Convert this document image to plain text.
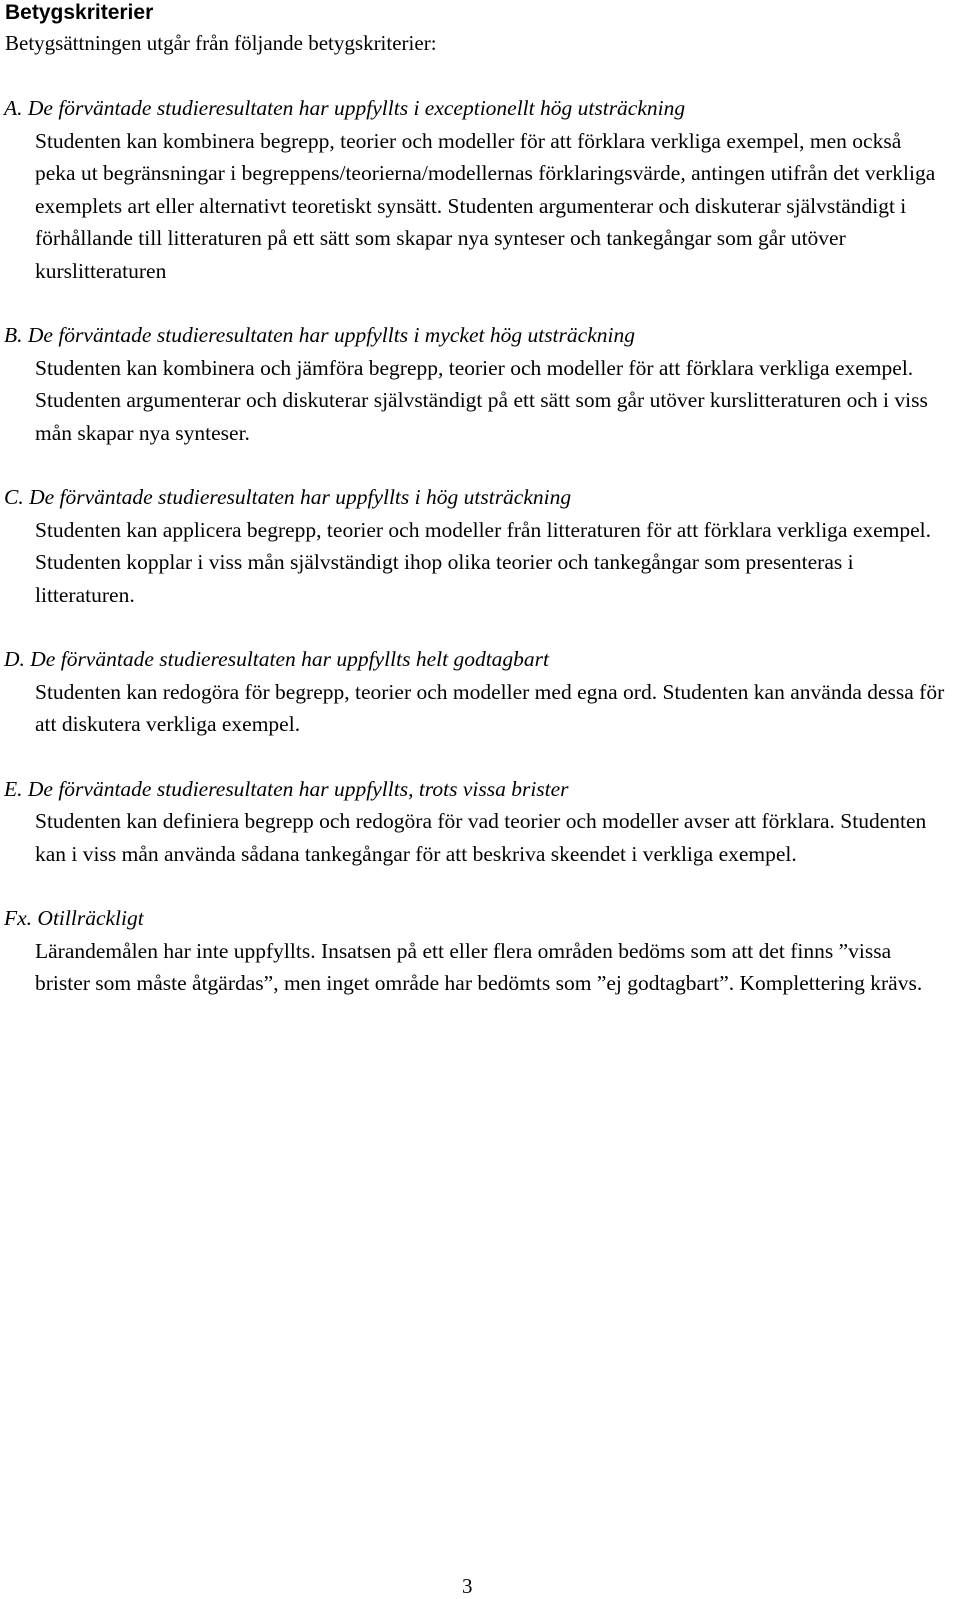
Betygskriterier

Betygsättningen utgår från följande betygskriterier:

A. De förväntade studieresultaten har uppfyllts i exceptionellt hög utsträckning
Studenten kan kombinera begrepp, teorier och modeller för att förklara verkliga exempel, men också peka ut begränsningar i begreppens/teorierna/modellernas förklaringsvärde, antingen utifrån det verkliga exemplets art eller alternativt teoretiskt synsätt. Studenten argumenterar och diskuterar självständigt i förhållande till litteraturen på ett sätt som skapar nya synteser och tankegångar som går utöver kurslitteraturen
B. De förväntade studieresultaten har uppfyllts i mycket hög utsträckning
Studenten kan kombinera och jämföra begrepp, teorier och modeller för att förklara verkliga exempel. Studenten argumenterar och diskuterar självständigt på ett sätt som går utöver kurslitteraturen och i viss mån skapar nya synteser.
C. De förväntade studieresultaten har uppfyllts i hög utsträckning
Studenten kan applicera begrepp, teorier och modeller från litteraturen för att förklara verkliga exempel. Studenten kopplar i viss mån självständigt ihop olika teorier och tankegångar som presenteras i litteraturen.
D. De förväntade studieresultaten har uppfyllts helt godtagbart
Studenten kan redogöra för begrepp, teorier och modeller med egna ord. Studenten kan använda dessa för att diskutera verkliga exempel.
E. De förväntade studieresultaten har uppfyllts, trots vissa brister
Studenten kan definiera begrepp och redogöra för vad teorier och modeller avser att förklara. Studenten kan i viss mån använda sådana tankegångar för att beskriva skeendet i verkliga exempel.
Fx. Otillräckligt
Lärandemålen har inte uppfyllts. Insatsen på ett eller flera områden bedöms som att det finns ”vissa brister som måste åtgärdas”, men inget område har bedömts som ”ej godtagbart”. Komplettering krävs.

3
